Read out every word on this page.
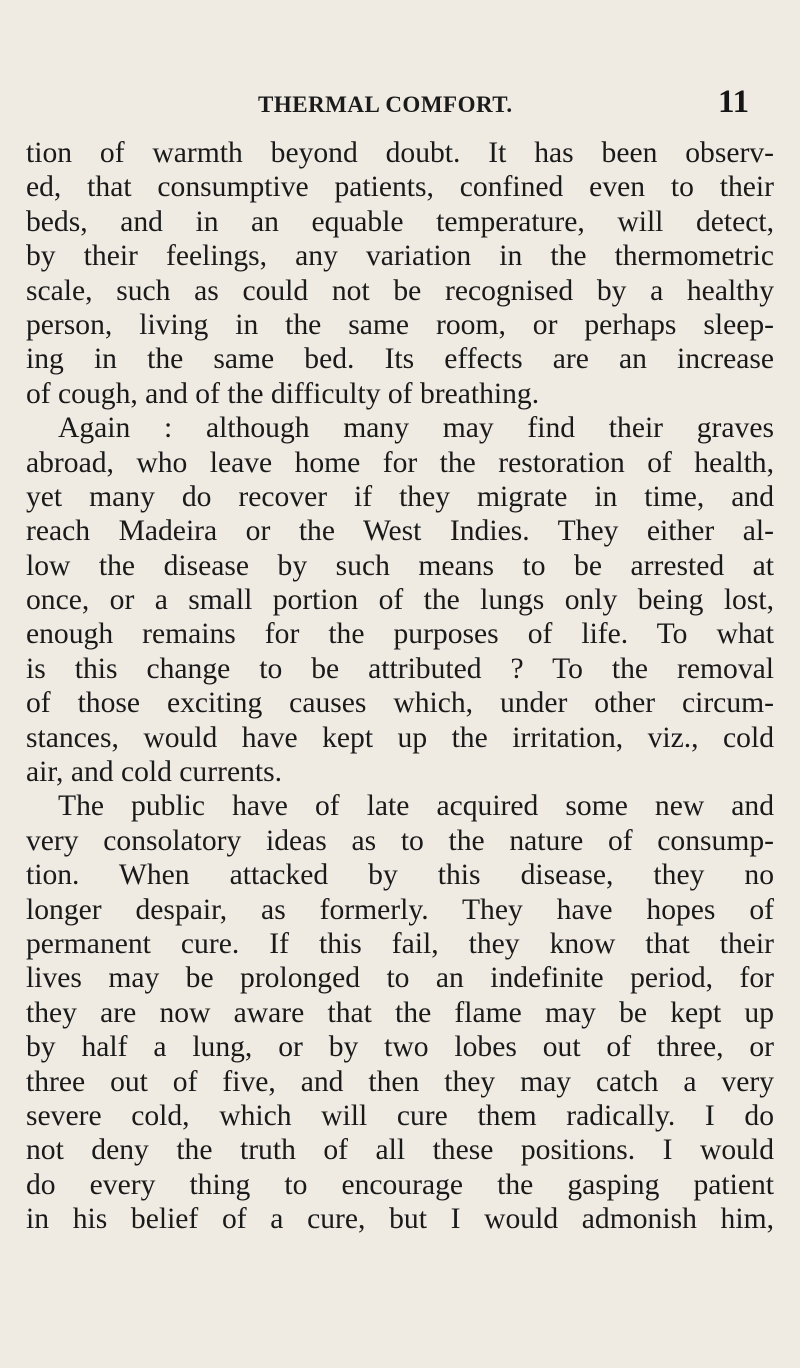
THERMAL COMFORT.	11
tion of warmth beyond doubt. It has been observ-
ed, that consumptive patients, confined even to their
beds, and in an equable temperature, will detect,
by their feelings, any variation in the thermometric
scale, such as could not be recognised by a healthy
person, living in the same room, or perhaps sleep-
ing in the same bed. Its effects are an increase
of cough, and of the difficulty of breathing.
Again : although many may find their graves
abroad, who leave home for the restoration of health,
yet many do recover if they migrate in time, and
reach Madeira or the West Indies. They either al-
low the disease by such means to be arrested at
once, or a small portion of the lungs only being lost,
enough remains for the purposes of life. To what
is this change to be attributed ? To the removal
of those exciting causes which, under other circum-
stances, would have kept up the irritation, viz., cold
air, and cold currents.
The public have of late acquired some new and
very consolatory ideas as to the nature of consump-
tion. When attacked by this disease, they no
longer despair, as formerly. They have hopes of
permanent cure. If this fail, they know that their
lives may be prolonged to an indefinite period, for
they are now aware that the flame may be kept up
by half a lung, or by two lobes out of three, or
three out of five, and then they may catch a very
severe cold, which will cure them radically. I do
not deny the truth of all these positions. I would
do every thing to encourage the gasping patient
in his belief of a cure, but I would admonish him,
